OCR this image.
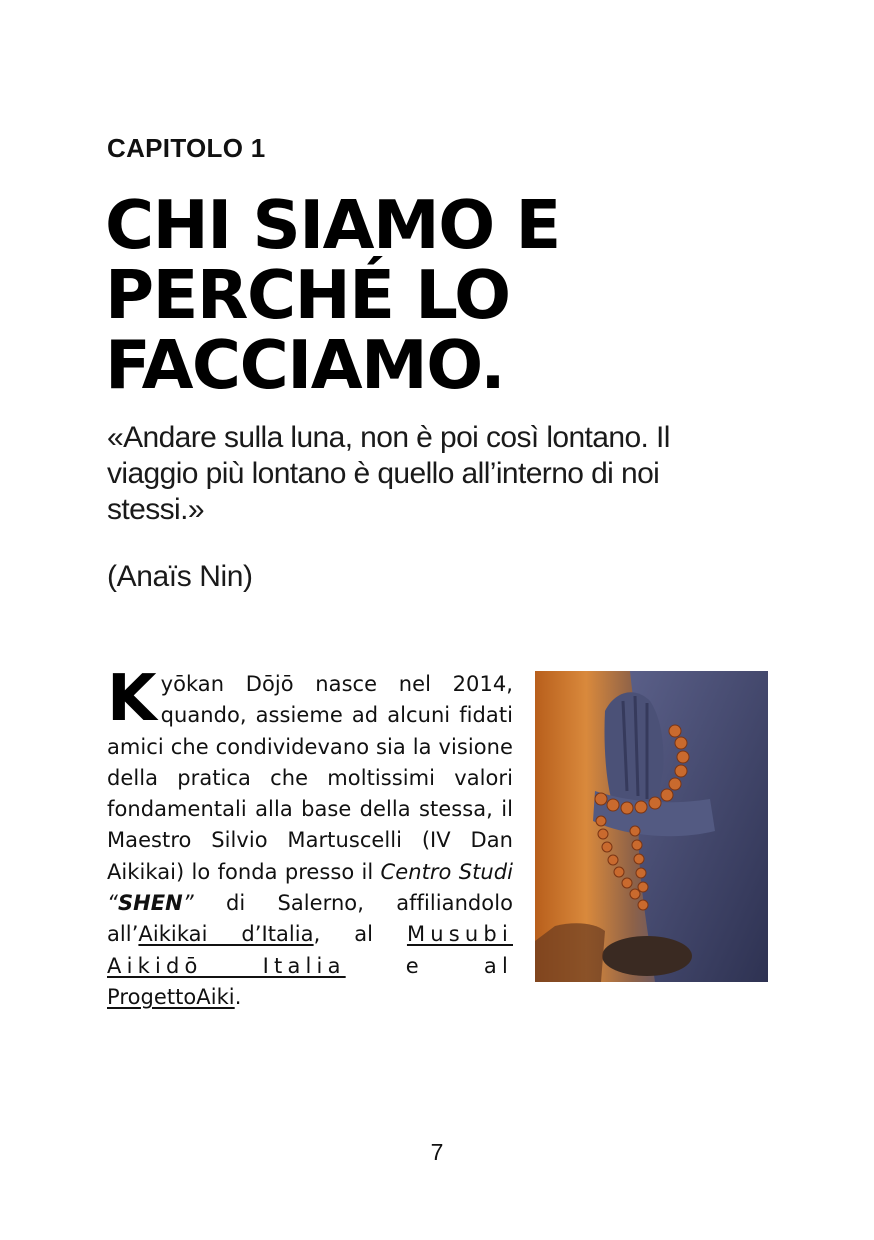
CAPITOLO 1
CHI SIAMO E
PERCHÉ LO
FACCIAMO.
«Andare sulla luna, non è poi così lontano. Il viaggio più lontano è quello all’interno di noi stessi.»
(Anaïs Nin)
Kyōkan Dōjō nasce nel 2014, quando, assieme ad alcuni fidati amici che condividevano sia la visione della pratica che moltissimi valori fondamentali alla base della stessa, il Maestro Silvio Martuscelli (IV Dan Aikikai) lo fonda presso il Centro Studi “SHEN” di Salerno, affiliandolo all’Aikikai d’Italia, al Musubi Aikidō Italia e al ProgettoAiki.
7
